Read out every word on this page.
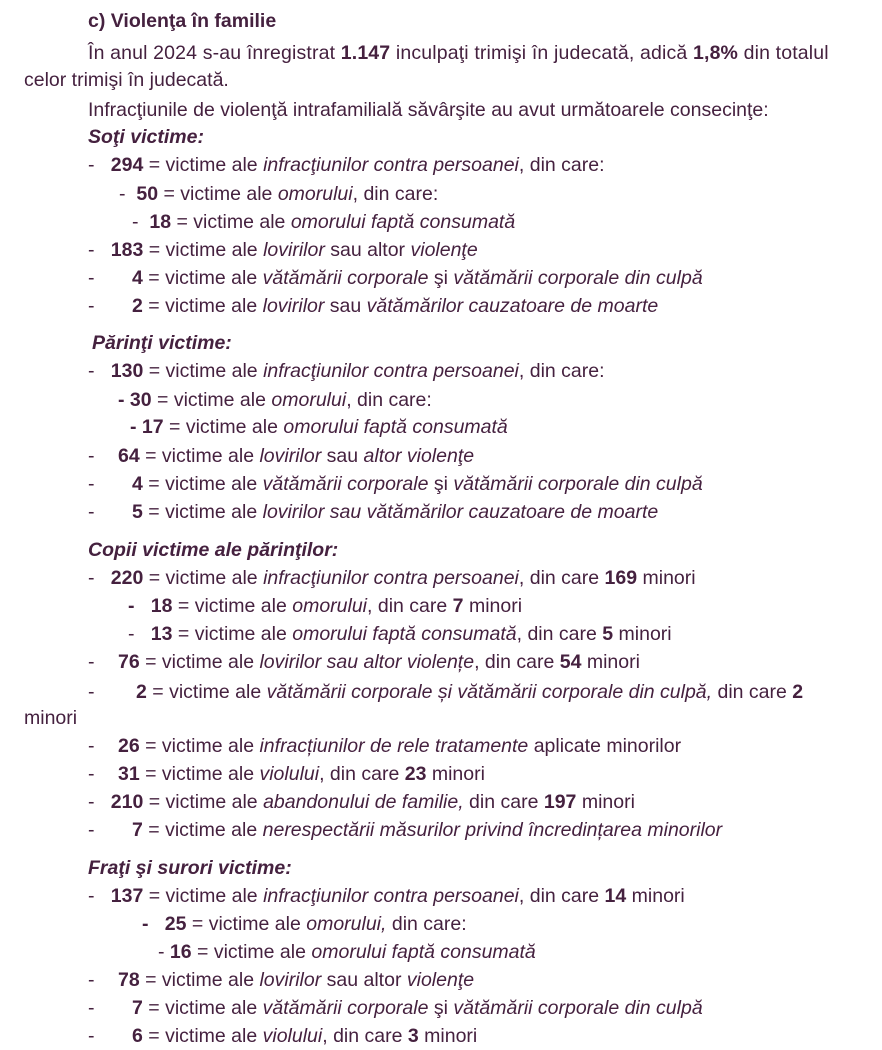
c) Violenţa în familie
În anul 2024 s-au înregistrat 1.147 inculpaţi trimişi în judecată, adică 1,8% din totalul
celor trimişi în judecată.
Infracţiunile de violenţă intrafamilială săvârşite au avut următoarele consecinţe:
Soţi victime:
- 294 = victime ale infracţiunilor contra persoanei, din care:
- 50 = victime ale omorului, din care:
- 18 = victime ale omorului faptă consumată
- 183 = victime ale lovirilor sau altor violenţe
- 4 = victime ale vătămării corporale şi vătămării corporale din culpă
- 2 = victime ale lovirilor sau vătămărilor cauzatoare de moarte
Părinţi victime:
- 130 = victime ale infracţiunilor contra persoanei, din care:
- 30 = victime ale omorului, din care:
- 17 = victime ale omorului faptă consumată
- 64 = victime ale lovirilor sau altor violenţe
- 4 = victime ale vătămării corporale şi vătămării corporale din culpă
- 5 = victime ale lovirilor sau vătămărilor cauzatoare de moarte
Copii victime ale părinţilor:
- 220 = victime ale infracţiunilor contra persoanei, din care 169 minori
- 18 = victime ale omorului, din care 7 minori
- 13 = victime ale omorului faptă consumată, din care 5 minori
- 76 = victime ale lovirilor sau altor violențe, din care 54 minori
- 2 = victime ale vătămării corporale și vătămării corporale din culpă, din care 2
minori
- 26 = victime ale infracțiunilor de rele tratamente aplicate minorilor
- 31 = victime ale violului, din care 23 minori
- 210 = victime ale abandonului de familie, din care 197 minori
- 7 = victime ale nerespectării măsurilor privind încredințarea minorilor
Fraţi şi surori victime:
- 137 = victime ale infracţiunilor contra persoanei, din care 14 minori
- 25 = victime ale omorului, din care:
- 16 = victime ale omorului faptă consumată
- 78 = victime ale lovirilor sau altor violenţe
- 7 = victime ale vătămării corporale şi vătămării corporale din culpă
- 6 = victime ale violului, din care 3 minori
